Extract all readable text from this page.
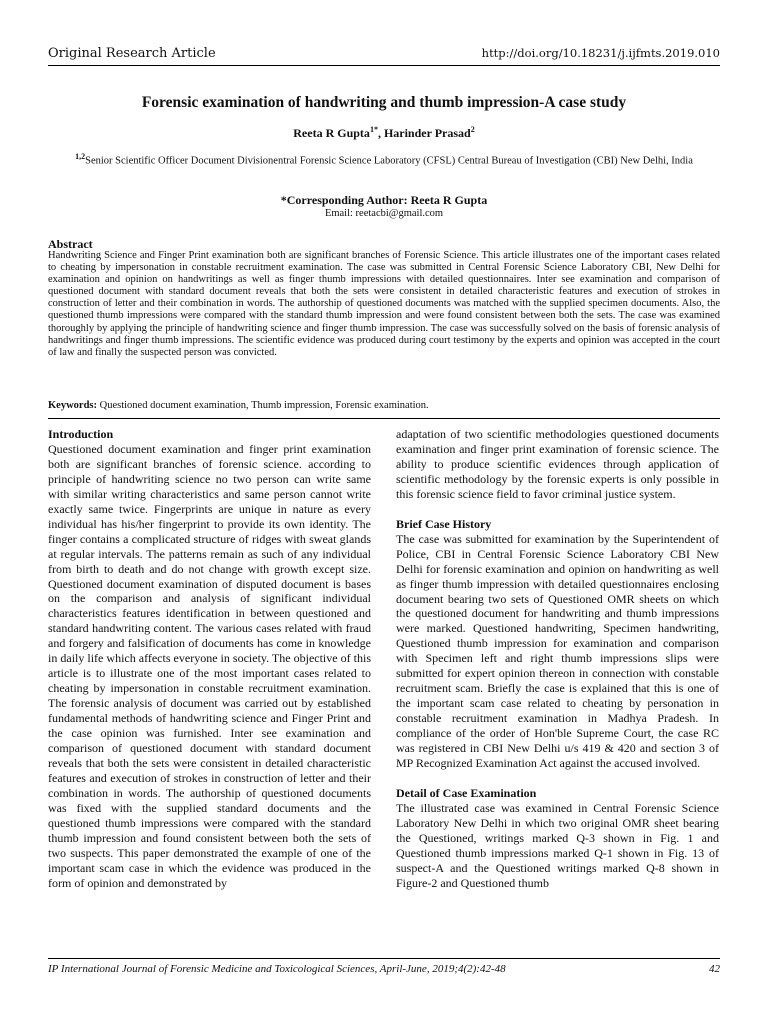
Original Research Article	http://doi.org/10.18231/j.ijfmts.2019.010
Forensic examination of handwriting and thumb impression-A case study
Reeta R Gupta$^{1*}$, Harinder Prasad$^2$
$^{1,2}$Senior Scientific Officer Document Divisionentral Forensic Science Laboratory (CFSL) Central Bureau of Investigation (CBI) New Delhi, India
*Corresponding Author: Reeta R Gupta
Email: reetacbi@gmail.com
Abstract
Handwriting Science and Finger Print examination both are significant branches of Forensic Science. This article illustrates one of the important cases related to cheating by impersonation in constable recruitment examination. The case was submitted in Central Forensic Science Laboratory CBI, New Delhi for examination and opinion on handwritings as well as finger thumb impressions with detailed questionnaires. Inter see examination and comparison of questioned document with standard document reveals that both the sets were consistent in detailed characteristic features and execution of strokes in construction of letter and their combination in words. The authorship of questioned documents was matched with the supplied specimen documents. Also, the questioned thumb impressions were compared with the standard thumb impression and were found consistent between both the sets. The case was examined thoroughly by applying the principle of handwriting science and finger thumb impression. The case was successfully solved on the basis of forensic analysis of handwritings and finger thumb impressions. The scientific evidence was produced during court testimony by the experts and opinion was accepted in the court of law and finally the suspected person was convicted.
Keywords: Questioned document examination, Thumb impression, Forensic examination.
Introduction
Questioned document examination and finger print examination both are significant branches of forensic science. according to principle of handwriting science no two person can write same with similar writing characteristics and same person cannot write exactly same twice. Fingerprints are unique in nature as every individual has his/her fingerprint to provide its own identity. The finger contains a complicated structure of ridges with sweat glands at regular intervals. The patterns remain as such of any individual from birth to death and do not change with growth except size. Questioned document examination of disputed document is bases on the comparison and analysis of significant individual characteristics features identification in between questioned and standard handwriting content. The various cases related with fraud and forgery and falsification of documents has come in knowledge in daily life which affects everyone in society. The objective of this article is to illustrate one of the most important cases related to cheating by impersonation in constable recruitment examination. The forensic analysis of document was carried out by established fundamental methods of handwriting science and Finger Print and the case opinion was furnished. Inter see examination and comparison of questioned document with standard document reveals that both the sets were consistent in detailed characteristic features and execution of strokes in construction of letter and their combination in words. The authorship of questioned documents was fixed with the supplied standard documents and the questioned thumb impressions were compared with the standard thumb impression and found consistent between both the sets of two suspects. This paper demonstrated the example of one of the important scam case in which the evidence was produced in the form of opinion and demonstrated by
adaptation of two scientific methodologies questioned documents examination and finger print examination of forensic science. The ability to produce scientific evidences through application of scientific methodology by the forensic experts is only possible in this forensic science field to favor criminal justice system.
Brief Case History
The case was submitted for examination by the Superintendent of Police, CBI in Central Forensic Science Laboratory CBI New Delhi for forensic examination and opinion on handwriting as well as finger thumb impression with detailed questionnaires enclosing document bearing two sets of Questioned OMR sheets on which the questioned document for handwriting and thumb impressions were marked. Questioned handwriting, Specimen handwriting, Questioned thumb impression for examination and comparison with Specimen left and right thumb impressions slips were submitted for expert opinion thereon in connection with constable recruitment scam. Briefly the case is explained that this is one of the important scam case related to cheating by personation in constable recruitment examination in Madhya Pradesh. In compliance of the order of Hon'ble Supreme Court, the case RC was registered in CBI New Delhi u/s 419 & 420 and section 3 of MP Recognized Examination Act against the accused involved.
Detail of Case Examination
The illustrated case was examined in Central Forensic Science Laboratory New Delhi in which two original OMR sheet bearing the Questioned, writings marked Q-3 shown in Fig. 1 and Questioned thumb impressions marked Q-1 shown in Fig. 13 of suspect-A and the Questioned writings marked Q-8 shown in Figure-2 and Questioned thumb
IP International Journal of Forensic Medicine and Toxicological Sciences, April-June, 2019;4(2):42-48	42
